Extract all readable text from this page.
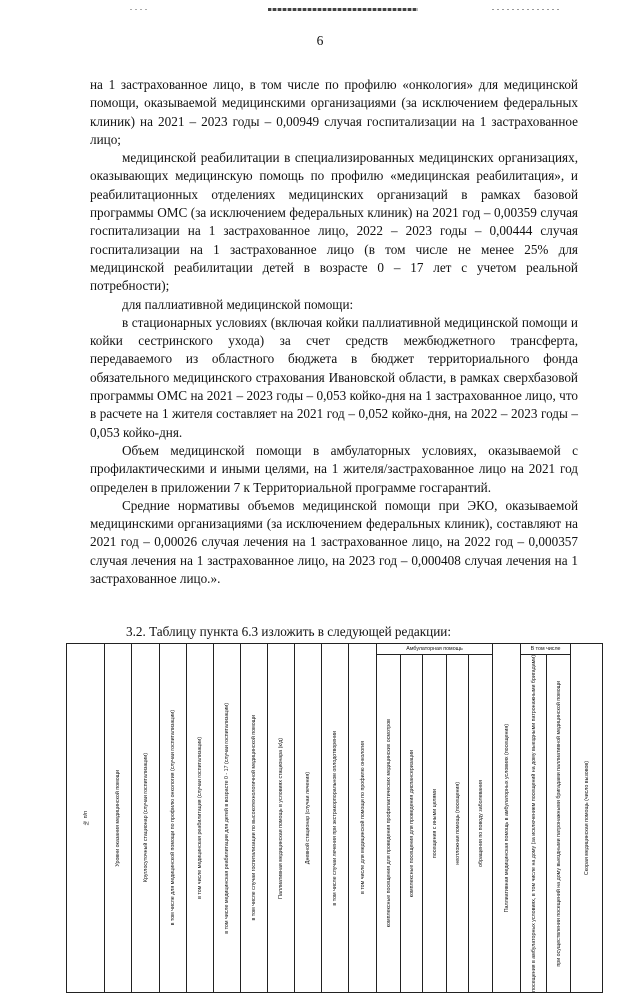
6

на 1 застрахованное лицо, в том числе по профилю «онкология» для медицинской помощи, оказываемой медицинскими организациями (за исключением федеральных клиник) на 2021 – 2023 годы – 0,00949 случая госпитализации на 1 застрахованное лицо;

медицинской реабилитации в специализированных медицинских организациях, оказывающих медицинскую помощь по профилю «медицинская реабилитация», и реабилитационных отделениях медицинских организаций в рамках базовой программы ОМС (за исключением федеральных клиник) на 2021 год – 0,00359 случая госпитализации на 1 застрахованное лицо, 2022 – 2023 годы – 0,00444 случая госпитализации на 1 застрахованное лицо (в том числе не менее 25% для медицинской реабилитации детей в возрасте 0 – 17 лет с учетом реальной потребности);

для паллиативной медицинской помощи:

в стационарных условиях (включая койки паллиативной медицинской помощи и койки сестринского ухода) за счет средств межбюджетного трансферта, передаваемого из областного бюджета в бюджет территориального фонда обязательного медицинского страхования Ивановской области, в рамках сверхбазовой программы ОМС на 2021 – 2023 годы – 0,053 койко-дня на 1 застрахованное лицо, что в расчете на 1 жителя составляет на 2021 год – 0,052 койко-дня, на 2022 – 2023 годы – 0,053 койко-дня.

Объем медицинской помощи в амбулаторных условиях, оказываемой с профилактическими и иными целями, на 1 жителя/застрахованное лицо на 2021 год определен в приложении 7 к Территориальной программе госгарантий.

Средние нормативы объемов медицинской помощи при ЭКО, оказываемой медицинскими организациями (за исключением федеральных клиник), составляют на 2021 год – 0,00026 случая лечения на 1 застрахованное лицо, на 2022 год – 0,000357 случая лечения на 1 застрахованное лицо, на 2023 год – 0,000408 случая лечения на 1 застрахованное лицо.».

3.2. Таблицу пункта 6.3 изложить в следующей редакции:
№ п/п	Уровни оказания медицинской помощи	Круглосуточный стационар (случаи госпитализации)	в том числе для медицинской помощи по профилю онкология (случаи госпитализации)	в том числе медицинская реабилитация (случаи госпитализации)	в том числе медицинская реабилитация для детей в возрасте 0 - 17 (случаи госпитализации)	в том числе случаи госпитализации по высокотехнологичной медицинской помощи	Паллиативная медицинская помощь в условиях стационара (к/д)	Дневной стационар (случаи лечения)	в том числе случаи лечения при экстракорпоральном оплодотворении	в том числе для медицинской помощи по профилю онкология	Амбулаторная помощь					Паллиативная медицинская помощь в амбулаторных условиях (посещения)	В том числе		Скорая медицинская помощь (число вызовов)

											комплексные посещения для проведения профилактических медицинских осмотров	комплексные посещения для проведения диспансеризации	посещения с иными целями	неотложная помощь (посещения)	обращения по поводу заболевания		посещения в амбулаторных условиях, в том числе на дому (за исключением посещений на дому выездными патронажными бригадами)	при осуществлении посещений на дому выездными патронажными бригадами паллиативной медицинской помощи	
